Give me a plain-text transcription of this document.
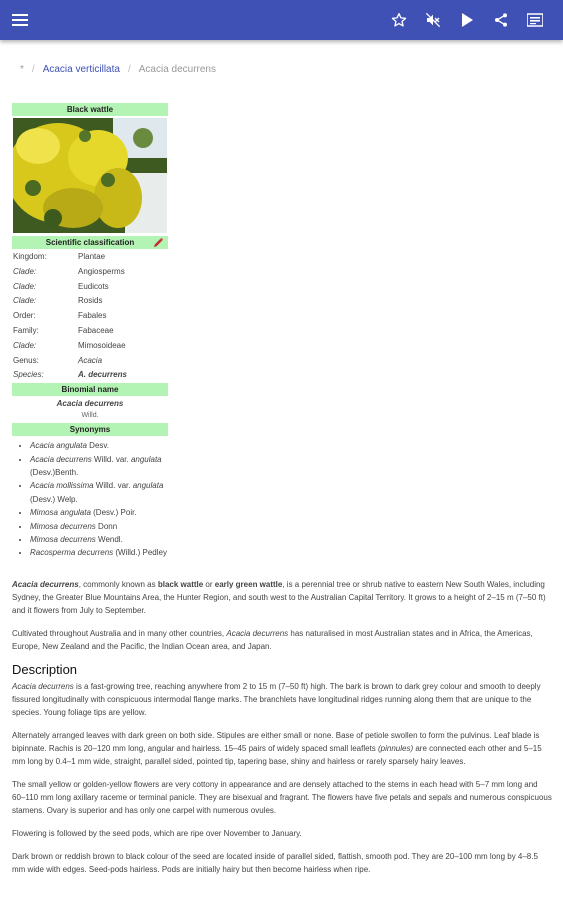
* / Acacia verticillata / Acacia decurrens
Black wattle
Scientific classification
Kingdom:	Plantae
Clade:	Angiosperms
Clade:	Eudicots
Clade:	Rosids
Order:	Fabales
Family:	Fabaceae
Clade:	Mimosoideae
Genus:	Acacia
Species:	A. decurrens
Binomial name
Acacia decurrens
Willd.
Synonyms
• Acacia angulata Desv.
• Acacia decurrens Willd. var. angulata (Desv.)Benth.
• Acacia mollissima Willd. var. angulata (Desv.) Welp.
• Mimosa angulata (Desv.) Poir.
• Mimosa decurrens Donn
• Mimosa decurrens Wendl.
• Racosperma decurrens (Willd.) Pedley

Acacia decurrens, commonly known as black wattle or early green wattle, is a perennial tree or shrub native to eastern New South Wales, including Sydney, the Greater Blue Mountains Area, the Hunter Region, and south west to the Australian Capital Territory. It grows to a height of 2–15 m (7–50 ft) and it flowers from July to September.

Cultivated throughout Australia and in many other countries, Acacia decurrens has naturalised in most Australian states and in Africa, the Americas, Europe, New Zealand and the Pacific, the Indian Ocean area, and Japan.

Description

Acacia decurrens is a fast-growing tree, reaching anywhere from 2 to 15 m (7–50 ft) high. The bark is brown to dark grey colour and smooth to deeply fissured longitudinally with conspicuous intermodal flange marks. The branchlets have longitudinal ridges running along them that are unique to the species. Young foliage tips are yellow.

Alternately arranged leaves with dark green on both side. Stipules are either small or none. Base of petiole swollen to form the pulvinus. Leaf blade is bipinnate. Rachis is 20–120 mm long, angular and hairless. 15–45 pairs of widely spaced small leaflets (pinnules) are connected each other and 5–15 mm long by 0.4–1 mm wide, straight, parallel sided, pointed tip, tapering base, shiny and hairless or rarely sparsely hairy leaves.

The small yellow or golden-yellow flowers are very cottony in appearance and are densely attached to the stems in each head with 5–7 mm long and 60–110 mm long axillary raceme or terminal panicle. They are bisexual and fragrant. The flowers have five petals and sepals and numerous conspicuous stamens. Ovary is superior and has only one carpel with numerous ovules.

Flowering is followed by the seed pods, which are ripe over November to January.

Dark brown or reddish brown to black colour of the seed are located inside of parallel sided, flattish, smooth pod. They are 20–100 mm long by 4–8.5 mm wide with edges. Seed-pods hairless. Pods are initially hairy but then become hairless when ripe.
